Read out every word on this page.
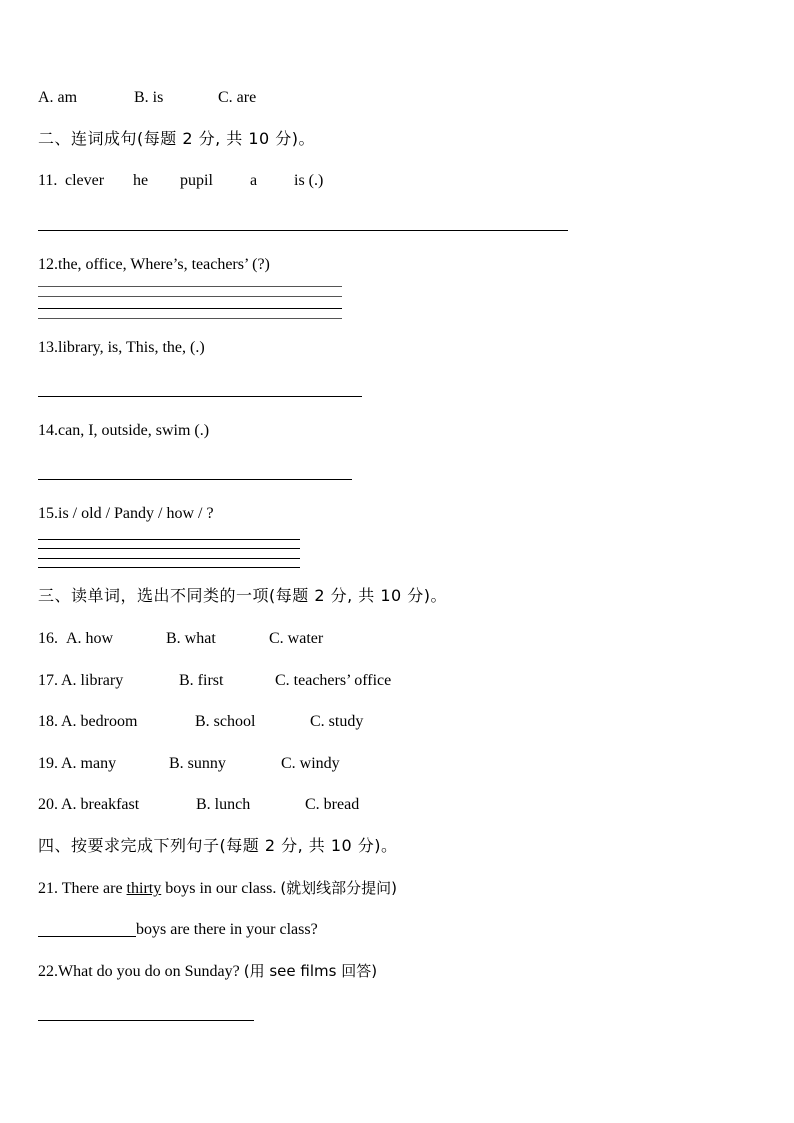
A. am	B. is	C. are
二、连词成句(每题 2 分, 共 10 分)。
11. clever he pupil a is (.)
12.the, office, Where’s, teachers’ (?)
13.library, is, This, the, (.)
14.can, I, outside, swim (.)
15.is / old / Pandy / how / ?
三、读单词，选出不同类的一项(每题 2 分, 共 10 分)。
16. A. how	B. what	C. water
17. A. library	B. first	C. teachers’ office
18. A. bedroom	B. school	C. study
19. A. many	B. sunny	C. windy
20. A. breakfast	B. lunch	C. bread
四、按要求完成下列句子(每题 2 分, 共 10 分)。
21. There are thirty boys in our class. (就划线部分提问)
boys are there in your class?
22.What do you do on Sunday? (用 see films 回答)
